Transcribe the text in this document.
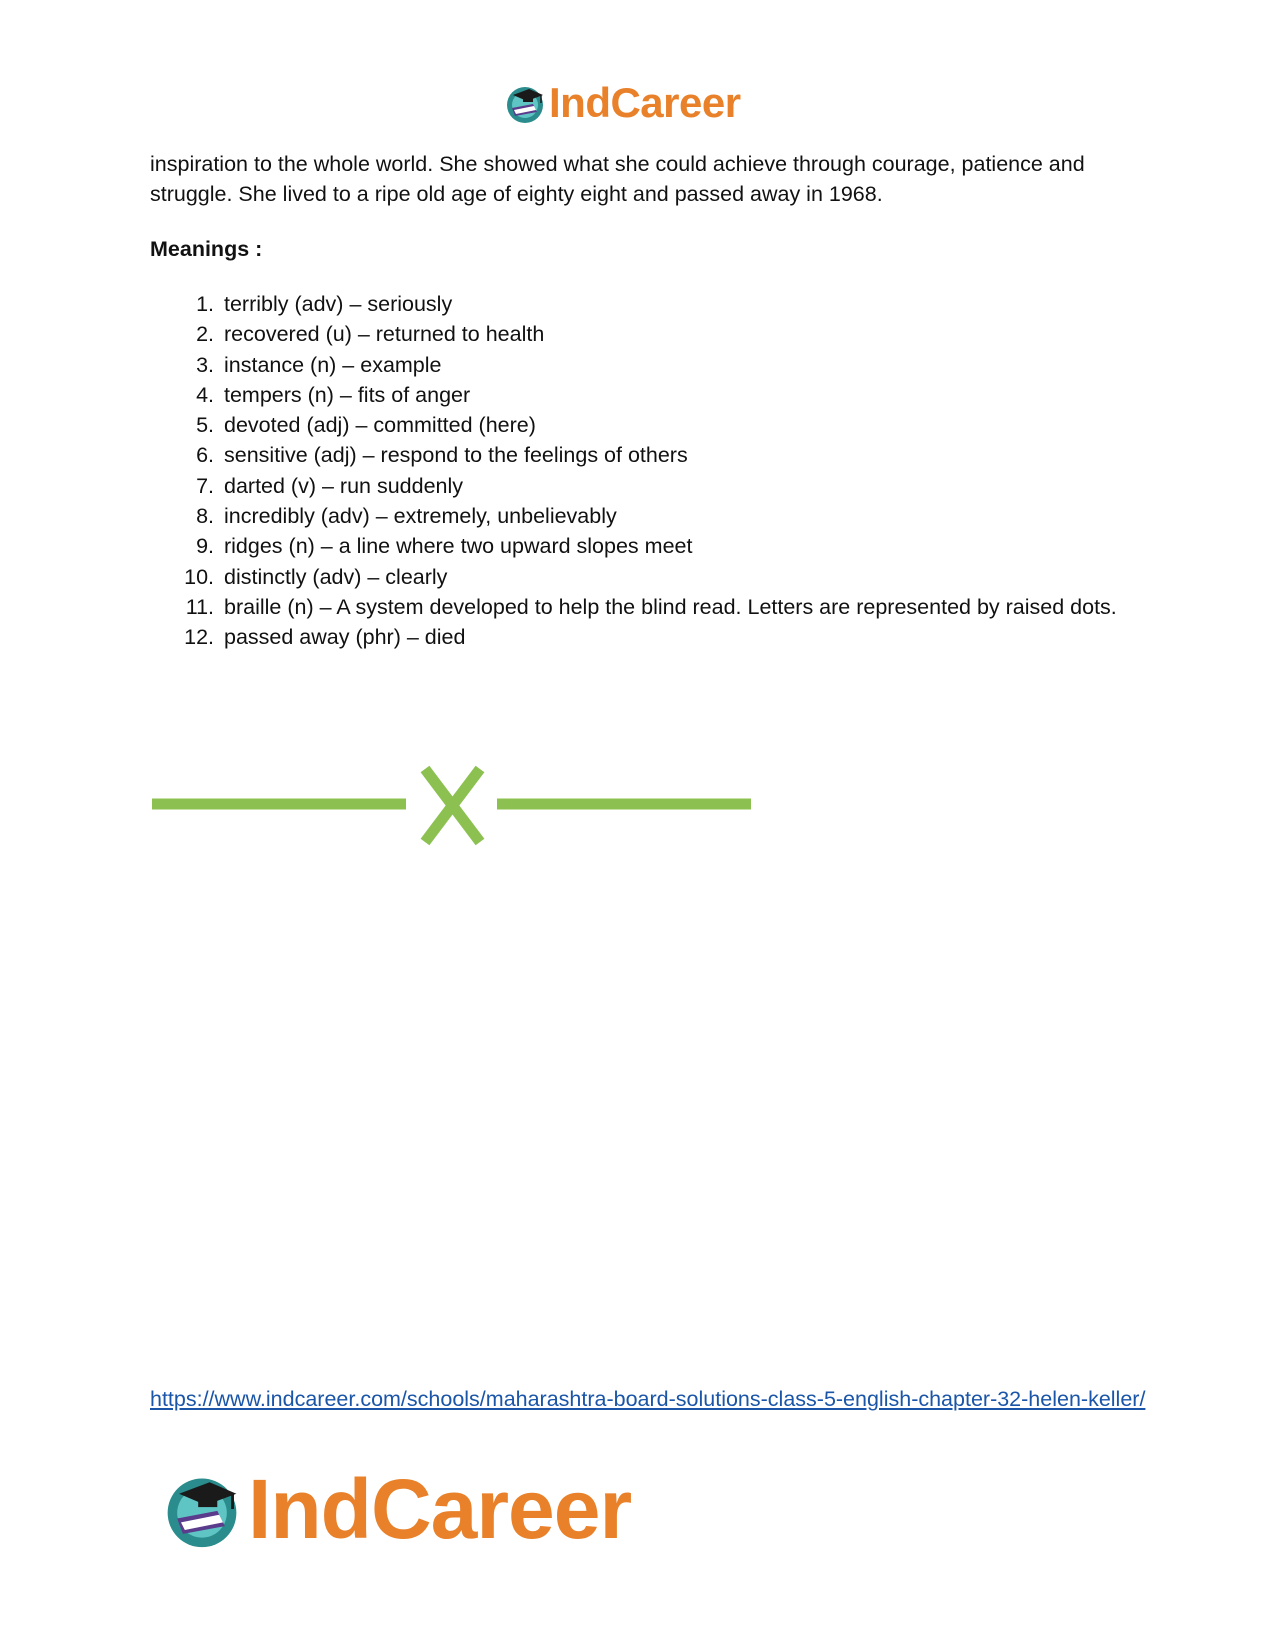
IndCareer

inspiration to the whole world. She showed what she could achieve through courage, patience and struggle. She lived to a ripe old age of eighty eight and passed away in 1968.

Meanings :

1. terribly (adv) – seriously
2. recovered (u) – returned to health
3. instance (n) – example
4. tempers (n) – fits of anger
5. devoted (adj) – committed (here)
6. sensitive (adj) – respond to the feelings of others
7. darted (v) – run suddenly
8. incredibly (adv) – extremely, unbelievably
9. ridges (n) – a line where two upward slopes meet
10. distinctly (adv) – clearly
11. braille (n) – A system developed to help the blind read. Letters are represented by raised dots.
12. passed away (phr) – died
https://www.indcareer.com/schools/maharashtra-board-solutions-class-5-english-chapter-32-helen-keller/
IndCareer
